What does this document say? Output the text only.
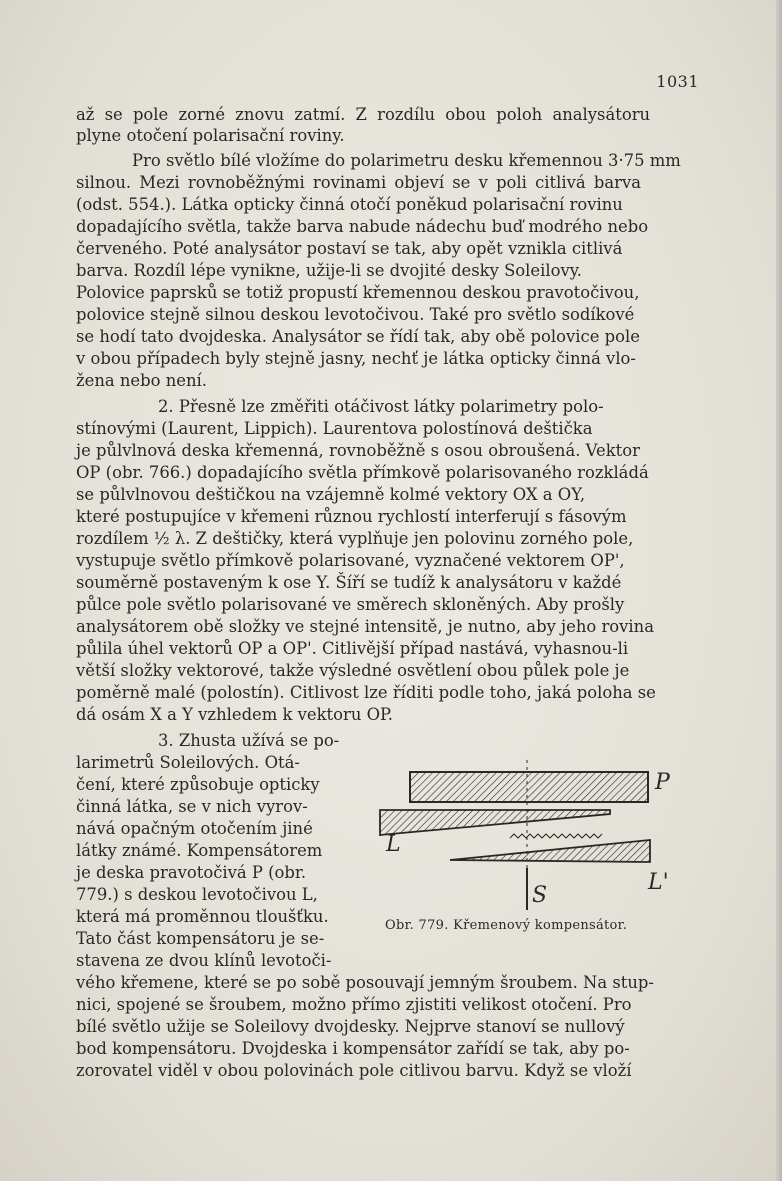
1031
až se pole zorné znovu zatmí. Z rozdílu obou poloh analysátoru
plyne otočení polarisační roviny.
Pro světlo bílé vložíme do polarimetru desku křemennou 3·75 mm
silnou. Mezi rovnoběžnými rovinami objeví se v poli citlivá barva
(odst. 554.). Látka opticky činná otočí poněkud polarisační rovinu
dopadajícího světla, takže barva nabude nádechu buď modrého nebo
červeného. Poté analysátor postaví se tak, aby opět vznikla citlivá
barva. Rozdíl lépe vynikne, užije-li se dvojité desky Soleilovy.
Polovice paprsků se totiž propustí křemennou deskou pravotočivou,
polovice stejně silnou deskou levotočivou. Také pro světlo sodíkové
se hodí tato dvojdeska. Analysátor se řídí tak, aby obě polovice pole
v obou případech byly stejně jasny, nechť je látka opticky činná vlo-
žena nebo není.
2. Přesně lze změřiti otáčivost látky polarimetry polo-
stínovými (Laurent, Lippich). Laurentova polostínová deštička
je půlvlnová deska křemenná, rovnoběžně s osou obroušená. Vektor
OP (obr. 766.) dopadajícího světla přímkově polarisovaného rozkládá
se půlvlnovou deštičkou na vzájemně kolmé vektory OX a OY,
které postupujíce v křemeni různou rychlostí interferují s fásovým
rozdílem ½ λ. Z deštičky, která vyplňuje jen polovinu zorného pole,
vystupuje světlo přímkově polarisované, vyznačené vektorem OP',
souměrně postaveným k ose Y. Šíří se tudíž k analysátoru v každé
půlce pole světlo polarisované ve směrech skloněných. Aby prošly
analysátorem obě složky ve stejné intensitě, je nutno, aby jeho rovina
půlila úhel vektorů OP a OP'. Citlivější případ nastává, vyhasnou-li
větší složky vektorové, takže výsledné osvětlení obou půlek pole je
poměrně malé (polostín). Citlivost lze říditi podle toho, jaká poloha se
dá osám X a Y vzhledem k vektoru OP.
3. Zhusta užívá se po-
larimetrů Soleilových. Otá-
čení, které způsobuje opticky
činná látka, se v nich vyrov-
nává opačným otočením jiné
látky známé. Kompensátorem
je deska pravotočivá P (obr.
779.) s deskou levotočivou L,
která má proměnnou tloušťku.
Tato část kompensátoru je se-
stavena ze dvou klínů levotoči-
vého křemene, které se po sobě posouvají jemným šroubem. Na stup-
nici, spojené se šroubem, možno přímo zjistiti velikost otočení. Pro
bílé světlo užije se Soleilovy dvojdesky. Nejprve stanoví se nullový
bod kompensátoru. Dvojdeska i kompensátor zařídí se tak, aby po-
zorovatel viděl v obou polovinách pole citlivou barvu. Když se vloží
P
L
L'
S
Obr. 779. Křemenový kompensátor.
